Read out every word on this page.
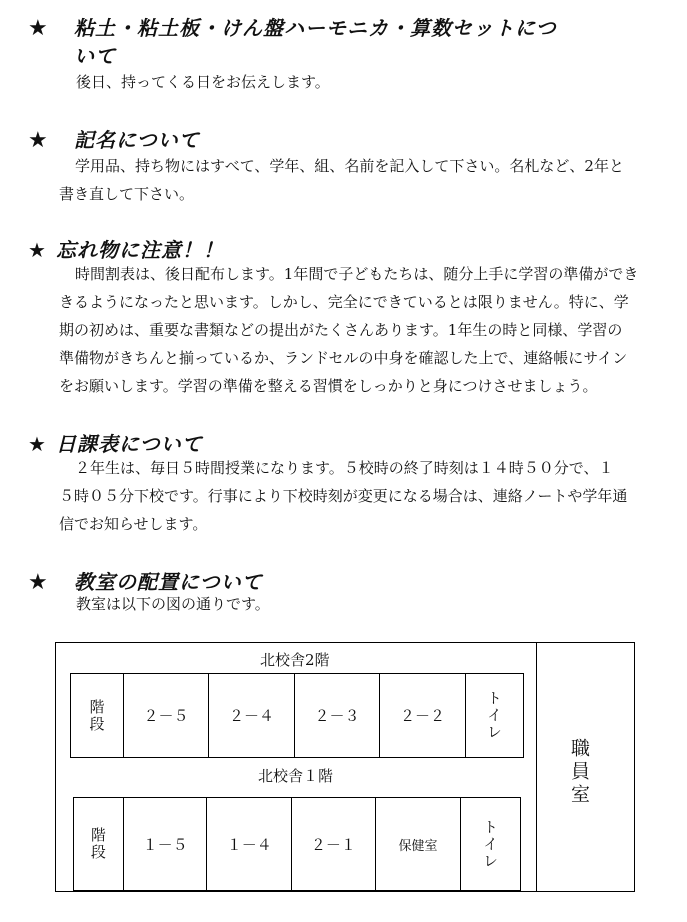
★ 粘土・粘土板・けん盤ハーモニカ・算数セットにつ
いて

後日、持ってくる日をお伝えします。

★ 記名について

学用品、持ち物にはすべて、学年、組、名前を記入して下さい。名札など、2年と

書き直して下さい。

★ 忘れ物に注意！！

時間割表は、後日配布します。1年間で子どもたちは、随分上手に学習の準備ができ

きるようになったと思います。しかし、完全にできているとは限りません。特に、学

期の初めは、重要な書類などの提出がたくさんあります。1年生の時と同様、学習の

準備物がきちんと揃っているか、ランドセルの中身を確認した上で、連絡帳にサイン

をお願いします。学習の準備を整える習慣をしっかりと身につけさせましょう。

★ 日課表について

２年生は、毎日５時間授業になります。５校時の終了時刻は１４時５０分で、１

５時０５分下校です。行事により下校時刻が変更になる場合は、連絡ノートや学年通

信でお知らせします。

★ 教室の配置について

教室は以下の図の通りです。

北校舎2階
階段	２－５	２－４	２－３	２－２	トイレ
北校舎１階
階段	１－５	１－４	２－１	保健室	トイレ
職員室
